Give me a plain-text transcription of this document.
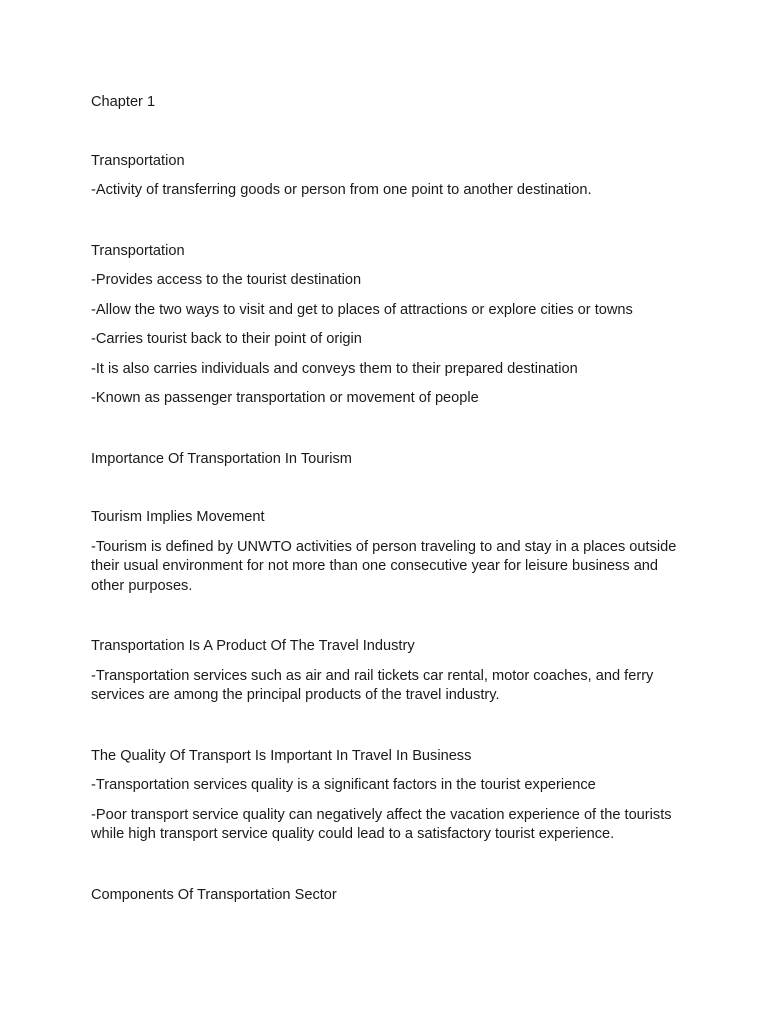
Chapter 1

Transportation

-Activity of transferring goods or person from one point to another destination.

Transportation

-Provides access to the tourist destination

-Allow the two ways to visit and get to places of attractions or explore cities or towns

-Carries tourist back to their point of origin

-It is also carries individuals and conveys them to their prepared destination

-Known as passenger transportation or movement of people

Importance Of Transportation In Tourism

Tourism Implies Movement

-Tourism is defined by UNWTO activities of person traveling to and stay in a places outside their usual environment for not more than one consecutive year for leisure business and other purposes.

Transportation Is A Product Of The Travel Industry

-Transportation services such as air and rail tickets car rental, motor coaches, and ferry services are among the principal products of the travel industry.

The Quality Of Transport Is Important In Travel In Business

-Transportation services quality is a significant factors in the tourist experience

-Poor transport service quality can negatively affect the vacation experience of the tourists while high transport service quality could lead to a satisfactory tourist experience.

Components Of Transportation Sector
